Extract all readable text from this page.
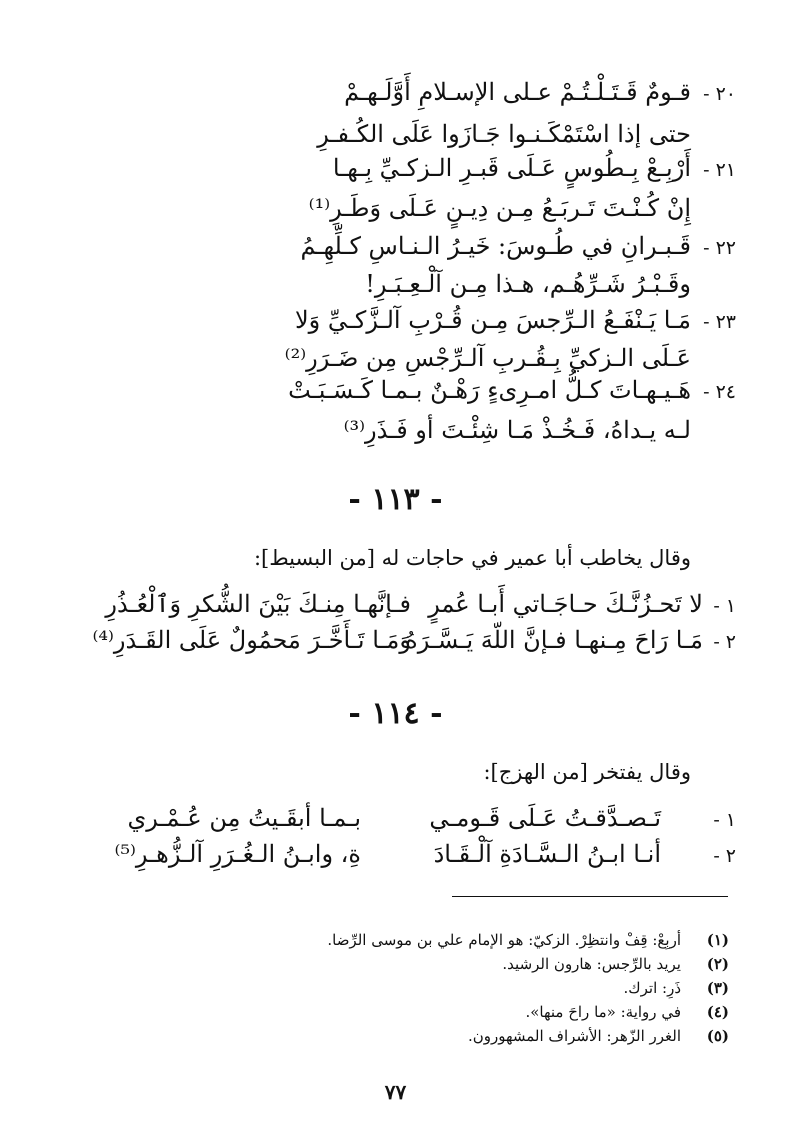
٢٠ -
قـومٌ قَـتَـلْـتُـمْ عـلى الإسـلامِ أَوَّلَـهـمْ
حتى إذا اسْتَمْكَـنـوا جَـازَوا عَلَى الكُـفـرِ
٢١ -
أَرْبِـعْ بِـطُوسٍ عَـلَى قَبـرِ الـزكـيِّ بِـهـا
إِنْ كُـنْـتَ تَـربَـعُ مِـن دِيـنٍ عَـلَى وَطَـرِ⁽¹⁾
٢٢ -
قَـبـرانِ في طُـوسَ: خَيـرُ الـنـاسِ كـلِّهِـمُ
وقَـبْـرُ شَـرِّهُـم، هـذا مِـن آلْـعِـبَـرِ!
٢٣ -
مَـا يَـنْفَـعُ الـرِّجسَ مِـن قُـرْبِ آلـزَّكـيِّ وَلا
عَـلَى الـزكيِّ بِـقُـربِ آلـرِّجْسِ مِن ضَـرَرِ⁽²⁾
٢٤ -
هَـيـهـاتَ كـلُّ امـرِىءٍ رَهْـنٌ بـمـا كَـسَـبَـتْ
لـه يـداهُ، فَـخُـذْ مَـا شِئْـتَ أو فَـذَرِ⁽³⁾
- ١١٣ -
وقال يخاطب أبا عمير في حاجات له [من البسيط]:
١ -
لا تَحـزُنَّـكَ حـاجَـاتي أَبـا عُمرٍ
فـإنَّهـا مِنـكَ بَيْنَ الشُّكرِ وَٱلْعُـذُرِ
٢ -
مَـا رَاحَ مِـنهـا فـإنَّ اللّهَ يَـسَّـرَهُ
وَمَـا تَـأَخَّـرَ مَحمُولٌ عَلَى القَـدَرِ⁽⁴⁾
- ١١٤ -
وقال يفتخر [من الهزج]:
١ -
تَـصـدَّقـتُ عَـلَى قَـومـي
بـمـا أبقَـيتُ مِن عُـمْـري
٢ -
أنـا ابـنُ الـسَّـادَةِ آلْـقَـادَ
ةِ، وابـنُ الـغُـرَرِ آلـزُّهـرِ⁽⁵⁾
(١)
أربِعْ: قِفْ وانتظِرْ. الزكيّ: هو الإمام علي بن موسى الرِّضا.
(٢)
يريد بالرِّجس: هارون الرشيد.
(٣)
ذَرِ: اترك.
(٤)
في رواية: «ما راحَ منها».
(٥)
الغرر الزّهر: الأشراف المشهورون.
٧٧
